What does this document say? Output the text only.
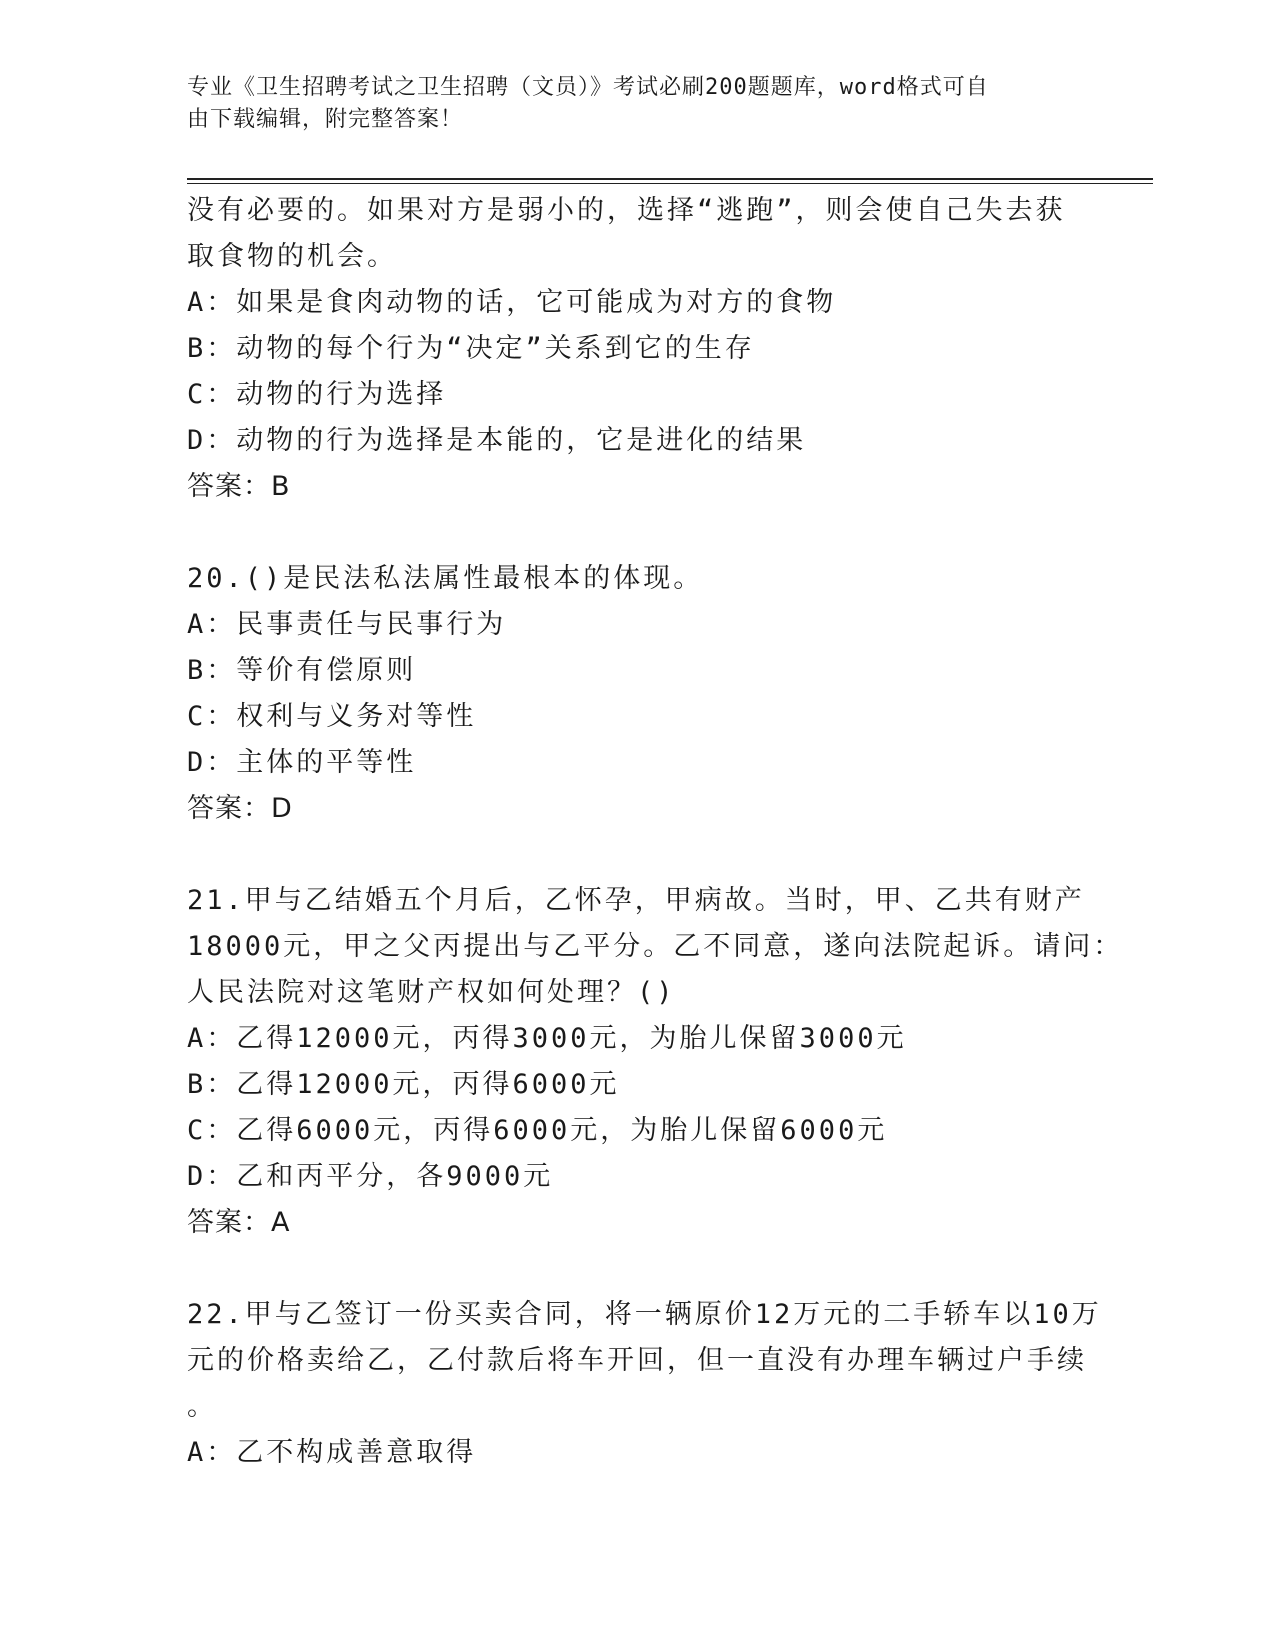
专业《卫生招聘考试之卫生招聘（文员）》考试必刷200题题库，word格式可自
由下载编辑，附完整答案！
没有必要的。如果对方是弱小的，选择“逃跑”，则会使自己失去获
取食物的机会。
A：如果是食肉动物的话，它可能成为对方的食物
B：动物的每个行为“决定”关系到它的生存
C：动物的行为选择
D：动物的行为选择是本能的，它是进化的结果
答案：B
20.()是民法私法属性最根本的体现。
A：民事责任与民事行为
B：等价有偿原则
C：权利与义务对等性
D：主体的平等性
答案：D
21.甲与乙结婚五个月后，乙怀孕，甲病故。当时，甲、乙共有财产
18000元，甲之父丙提出与乙平分。乙不同意，遂向法院起诉。请问：
人民法院对这笔财产权如何处理？()
A：乙得12000元，丙得3000元，为胎儿保留3000元
B：乙得12000元，丙得6000元
C：乙得6000元，丙得6000元，为胎儿保留6000元
D：乙和丙平分，各9000元
答案：A
22.甲与乙签订一份买卖合同，将一辆原价12万元的二手轿车以10万
元的价格卖给乙，乙付款后将车开回，但一直没有办理车辆过户手续
。
A：乙不构成善意取得
